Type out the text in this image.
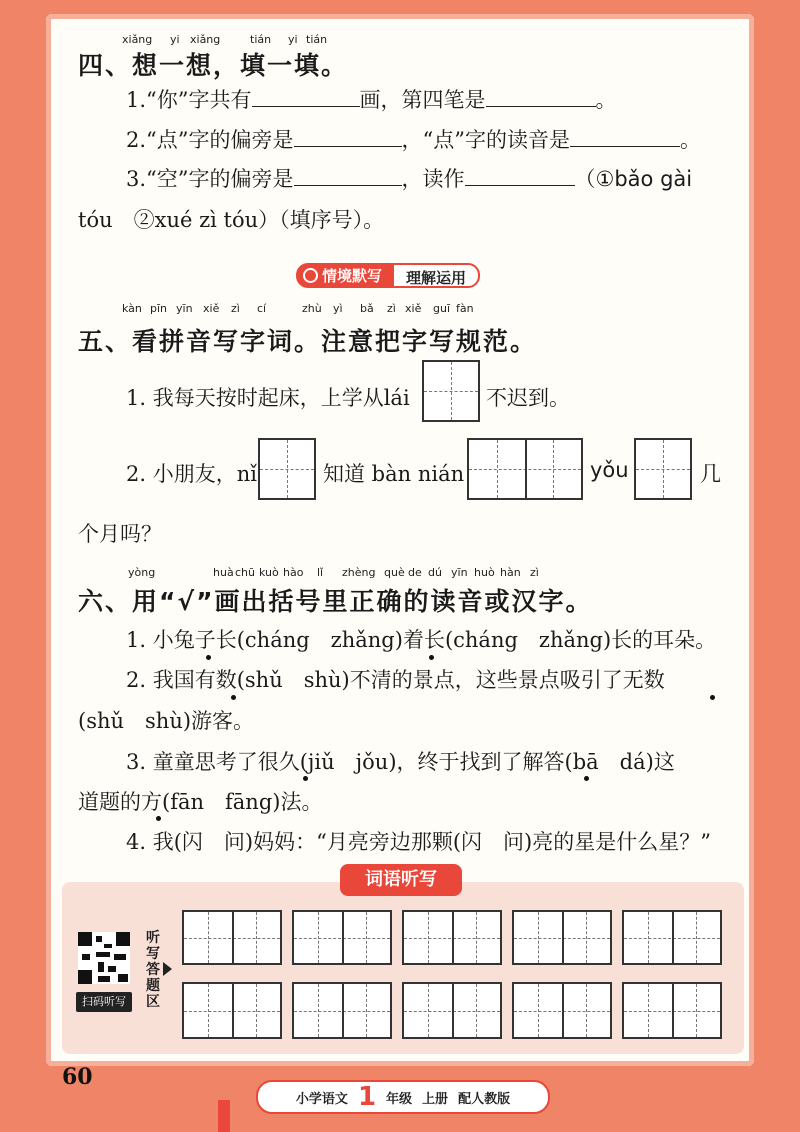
xiǎng yi xiǎng	tián yi tián
四、想一想，填一填。
1.“你”字共有	画，第四笔是	。
2.“点”字的偏旁是	，“点”字的读音是	。
3.“空”字的偏旁是	，读作	（①bǎo gài
tóu　②xué zì tóu）（填序号）。
情境默写	理解运用
kàn pīn yīn xiě zì cí	zhù yì bǎ zì xiě guī fàn
五、看拼音写字词。注意把字写规范。
1. 我每天按时起床，上学从lái	不迟到。
2. 小朋友，nǐ	知道 bàn nián	yǒu	几
个月吗？
yòng	huà chū kuò hào lǐ zhèng què de dú yīn huò hàn zì
六、用“√”画出括号里正确的读音或汉字。
1. 小兔子长(cháng　zhǎng)着长(cháng　zhǎng)长的耳朵。
2. 我国有数(shǔ　shù)不清的景点，这些景点吸引了无数
(shǔ　shù)游客。
3. 童童思考了很久(jiǔ　jǒu)，终于找到了解答(bā　dá)这
道题的方(fān　fāng)法。
4. 我(闪　问)妈妈：“月亮旁边那颗(闪　问)亮的星是什么星？”
词语听写
扫码听写
听
写
答
题
区
60
小学语文 1 年级 上册 配人教版
